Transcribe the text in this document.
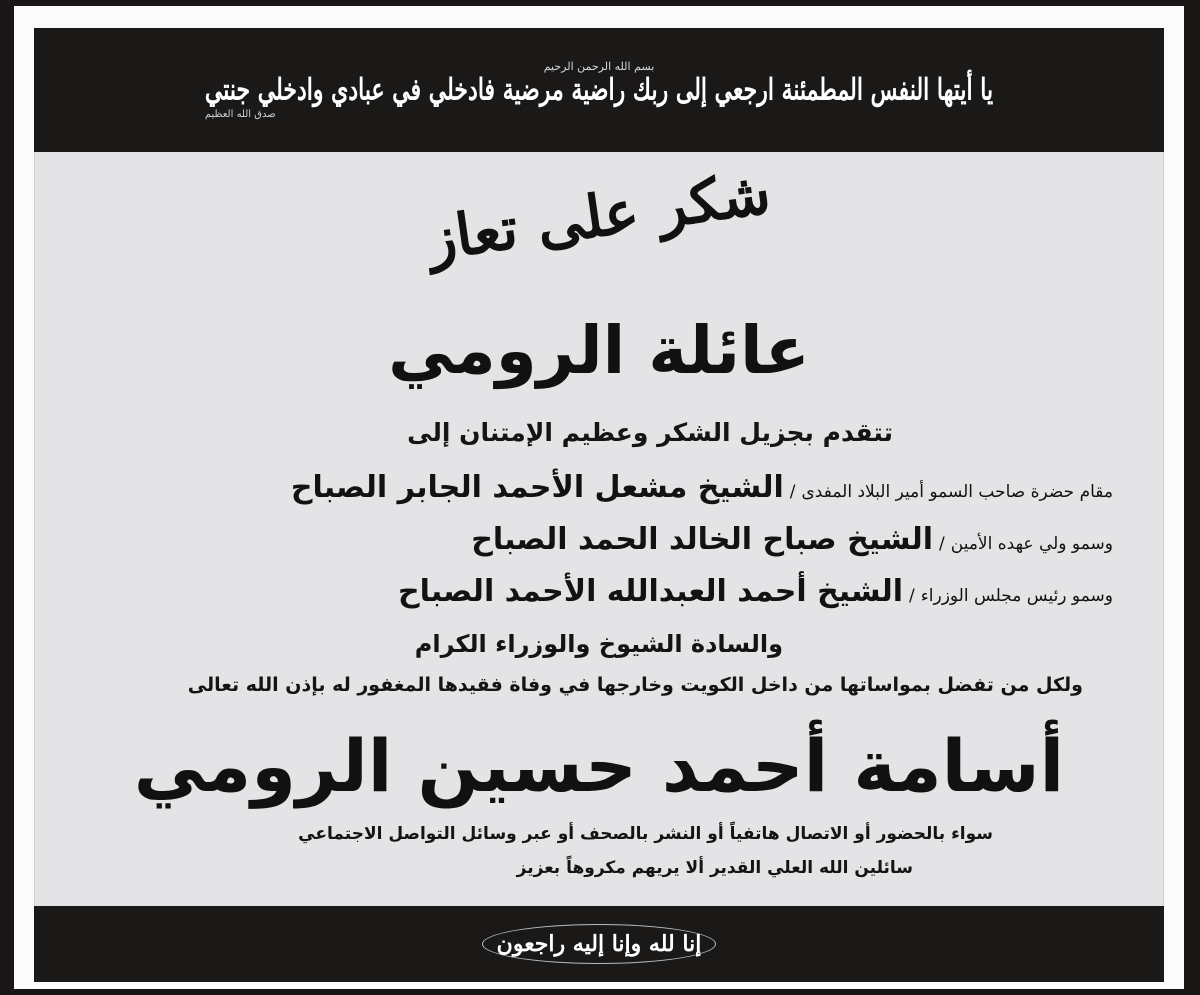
بسم الله الرحمن الرحيم
يا أيتها النفس المطمئنة ارجعي إلى ربك راضية مرضية فادخلي في عبادي وادخلي جنتي
صدق الله العظيم
شكر على تعاز
عائلة الرومي
تتقدم بجزيل الشكر وعظيم الإمتنان إلى
مقام حضرة صاحب السمو أمير البلاد المفدى
/
الشيخ مشعل الأحمد الجابر الصباح
وسمو ولي عهده الأمين
/
الشيخ صباح الخالد الحمد الصباح
وسمو رئيس مجلس الوزراء
/
الشيخ أحمد العبدالله الأحمد الصباح
والسادة الشيوخ والوزراء الكرام
ولكل من تفضل بمواساتها من داخل الكويت وخارجها في وفاة فقيدها المغفور له بإذن الله تعالى
أسامة أحمد حسين الرومي
سواء بالحضور أو الاتصال هاتفياً أو النشر بالصحف أو عبر وسائل التواصل الاجتماعي
سائلين الله العلي القدير ألا يريهم مكروهاً بعزيز
إنا لله وإنا إليه راجعون
